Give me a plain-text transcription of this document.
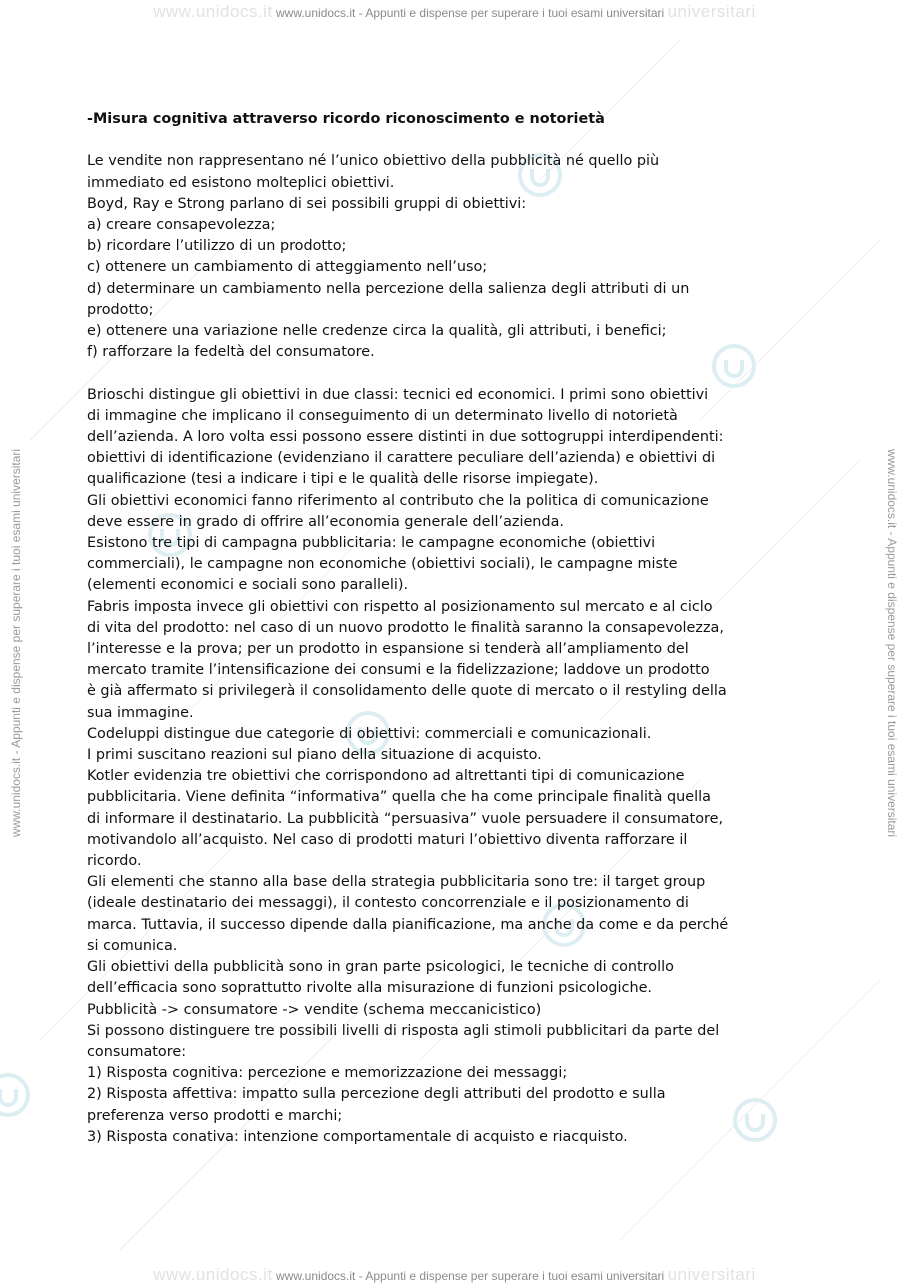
www.unidocs.it www.unidocs.it - Appunti e dispense per superare i tuoi esami universitari universitari
www.unidocs.it - Appunti e dispense per superare i tuoi esami universitari	www.unidocs.it - Appunti e dispense per superare i tuoi esami universitari

-Misura cognitiva attraverso ricordo riconoscimento e notorietà

Le vendite non rappresentano né l’unico obiettivo della pubblicità né quello più

immediato ed esistono molteplici obiettivi.

Boyd, Ray e Strong parlano di sei possibili gruppi di obiettivi:

a) creare consapevolezza;

b) ricordare l’utilizzo di un prodotto;

c) ottenere un cambiamento di atteggiamento nell’uso;

d) determinare un cambiamento nella percezione della salienza degli attributi di un

prodotto;

e) ottenere una variazione nelle credenze circa la qualità, gli attributi, i benefici;

f) rafforzare la fedeltà del consumatore.

Brioschi distingue gli obiettivi in due classi: tecnici ed economici. I primi sono obiettivi

di immagine che implicano il conseguimento di un determinato livello di notorietà

dell’azienda. A loro volta essi possono essere distinti in due sottogruppi interdipendenti:

obiettivi di identificazione (evidenziano il carattere peculiare dell’azienda) e obiettivi di

qualificazione (tesi a indicare i tipi e le qualità delle risorse impiegate).

Gli obiettivi economici fanno riferimento al contributo che la politica di comunicazione

deve essere in grado di offrire all’economia generale dell’azienda.

Esistono tre tipi di campagna pubblicitaria: le campagne economiche (obiettivi

commerciali), le campagne non economiche (obiettivi sociali), le campagne miste

(elementi economici e sociali sono paralleli).

Fabris imposta invece gli obiettivi con rispetto al posizionamento sul mercato e al ciclo

di vita del prodotto: nel caso di un nuovo prodotto le finalità saranno la consapevolezza,

l’interesse e la prova; per un prodotto in espansione si tenderà all’ampliamento del

mercato tramite l’intensificazione dei consumi e la fidelizzazione; laddove un prodotto

è già affermato si privilegerà il consolidamento delle quote di mercato o il restyling della

sua immagine.

Codeluppi distingue due categorie di obiettivi: commerciali e comunicazionali.

I primi suscitano reazioni sul piano della situazione di acquisto.

Kotler evidenzia tre obiettivi che corrispondono ad altrettanti tipi di comunicazione

pubblicitaria. Viene definita “informativa” quella che ha come principale finalità quella

di informare il destinatario. La pubblicità “persuasiva” vuole persuadere il consumatore,

motivandolo all’acquisto. Nel caso di prodotti maturi l’obiettivo diventa rafforzare il

ricordo.

Gli elementi che stanno alla base della strategia pubblicitaria sono tre: il target group

(ideale destinatario dei messaggi), il contesto concorrenziale e il posizionamento di

marca. Tuttavia, il successo dipende dalla pianificazione, ma anche da come e da perché

si comunica.

Gli obiettivi della pubblicità sono in gran parte psicologici, le tecniche di controllo

dell’efficacia sono soprattutto rivolte alla misurazione di funzioni psicologiche.

Pubblicità -> consumatore -> vendite (schema meccanicistico)

Si possono distinguere tre possibili livelli di risposta agli stimoli pubblicitari da parte del

consumatore:

1) Risposta cognitiva: percezione e memorizzazione dei messaggi;

2) Risposta affettiva: impatto sulla percezione degli attributi del prodotto e sulla

preferenza verso prodotti e marchi;

3) Risposta conativa: intenzione comportamentale di acquisto e riacquisto.

www.unidocs.it www.unidocs.it - Appunti e dispense per superare i tuoi esami universitari universitari
